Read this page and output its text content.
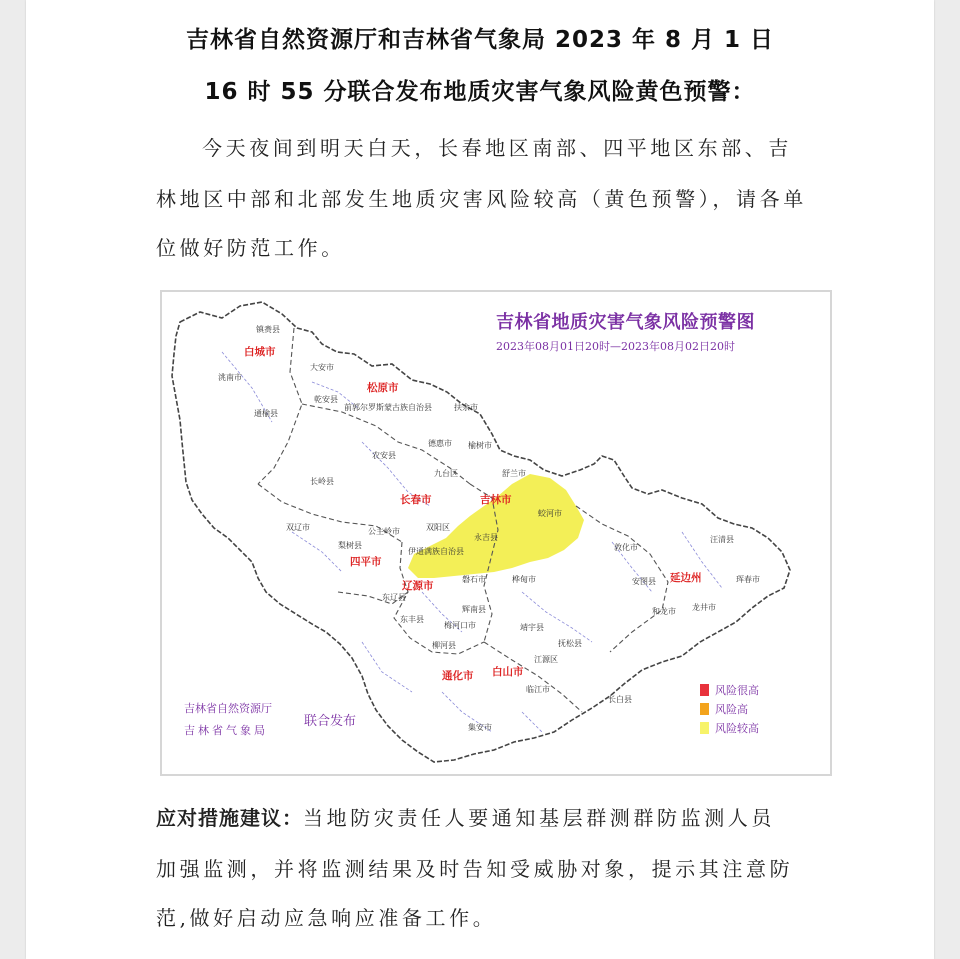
吉林省自然资源厅和吉林省气象局 2023 年 8 月 1 日
16 时 55 分联合发布地质灾害气象风险黄色预警：
今天夜间到明天白天，长春地区南部、四平地区东部、吉
林地区中部和北部发生地质灾害风险较高（黄色预警），请各单
位做好防范工作。
吉林省地质灾害气象风险预警图
2023年08月01日20时—2023年08月02日20时
白城市
松原市
长春市	吉林市
四平市
辽源市
通化市 白山市
延边州
镇赉县
洮南市
大安市
通榆县
乾安县
前郭尔罗斯蒙古族自治县	扶余市
榆树市
德惠市
农安县
九台区
长岭县
舒兰市
蛟河市
双辽市	公主岭市	双阳区
永吉县
梨树县
伊通满族自治县
磐石市	桦甸市
敦化市
安图县
汪清县
珲春市
和龙市 龙井市
东辽县
东丰县
辉南县
梅河口市
柳河县
靖宇县
抚松县
集安市
临江市
长白县
江源区
吉林省自然资源厅
吉林省气象局
联合发布
风险很高
风险高
风险较高
应对措施建议：当地防灾责任人要通知基层群测群防监测人员
加强监测，并将监测结果及时告知受威胁对象，提示其注意防
范,做好启动应急响应准备工作。
